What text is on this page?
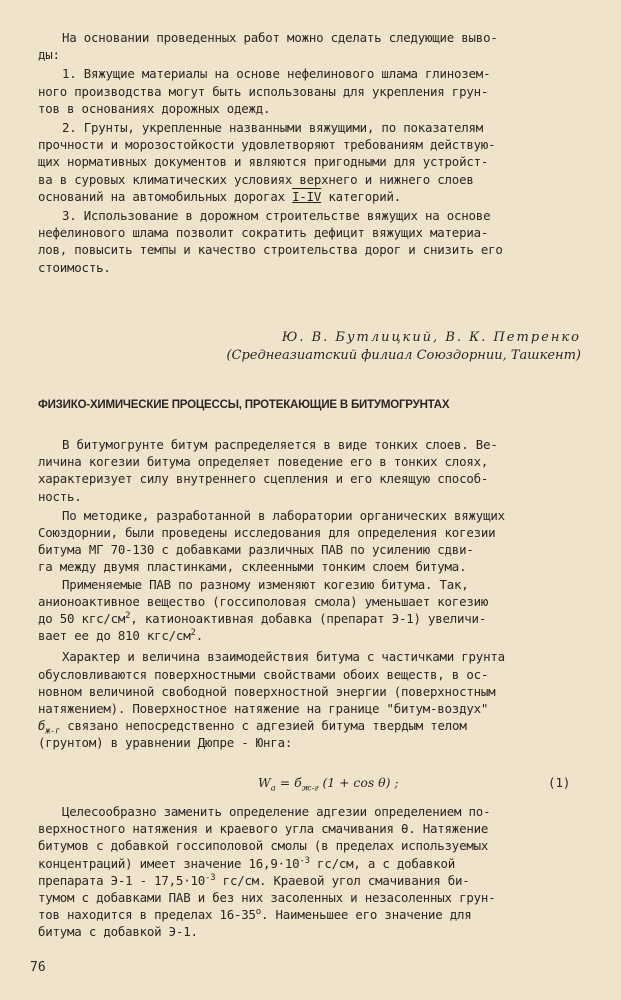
На основании проведенных работ можно сделать следующие выво-
ды:
1. Вяжущие материалы на основе нефелинового шлама глинозем-
ного производства могут быть использованы для укрепления грун-
тов в основаниях дорожных одежд.
2. Грунты, укрепленные названными вяжущими, по показателям
прочности и морозостойкости удовлетворяют требованиям действую-
щих нормативных документов и являются пригодными для устройст-
ва в суровых климатических условиях верхнего и нижнего слоев
оснований на автомобильных дорогах I-IV категорий.
3. Использование в дорожном строительстве вяжущих на основе
нефелинового шлама позволит сократить дефицит вяжущих материа-
лов, повысить темпы и качество строительства дорог и снизить его
стоимость.
Ю. В. Бутлицкий, В. К. Петренко
(Среднеазиатский филиал Союздорнии, Ташкент)
ФИЗИКО-ХИМИЧЕСКИЕ ПРОЦЕССЫ, ПРОТЕКАЮЩИЕ В БИТУМОГРУНТАХ
В битумогрунте битум распределяется в виде тонких слоев. Ве-
личина когезии битума определяет поведение его в тонких слоях,
характеризует силу внутреннего сцепления и его клеящую способ-
ность.
По методике, разработанной в лаборатории органических вяжущих
Союздорнии, были проведены исследования для определения когезии
битума МГ 70-130 с добавками различных ПАВ по усилению сдви-
га между двумя пластинками, склеенными тонким слоем битума.
Применяемые ПАВ по разному изменяют когезию битума. Так,
анионоактивное вещество (госсиполовая смола) уменьшает когезию
до 50 кгс/$см^2$, катионоактивная добавка (препарат Э-1) увеличи-
вает ее до 810 кгс/$см^2$.
Характер и величина взаимодействия битума с частичками грунта
обусловливаются поверхностными свойствами обоих веществ, в ос-
новном величиной свободной поверхностной энергии (поверхностным
натяжением). Поверхностное натяжение на границе "битум-воздух"
$б_{ж-г}$ связано непосредственно с адгезией битума твердым телом
(грунтом) в уравнении Дюпре - Юнга:
$W_a = б_{ж-г}$ (1 + cos θ) ;	(1)
Целесообразно заменить определение адгезии определением по-
верхностного натяжения и краевого угла смачивания θ. Натяжение
битумов с добавкой госсиполовой смолы (в пределах используемых
концентраций) имеет значение $16,9\cdot 10^{-3}$ гс/см, а с добавкой
препарата $Э-1 - 17,5\cdot 10^{-3}$ гс/см. Краевой угол смачивания би-
тумом с добавками ПАВ и без них засоленных и незасоленных грун-
тов находится в пределах $16-35^о$. Наименьшее его значение для
битума с добавкой Э-1.
76
